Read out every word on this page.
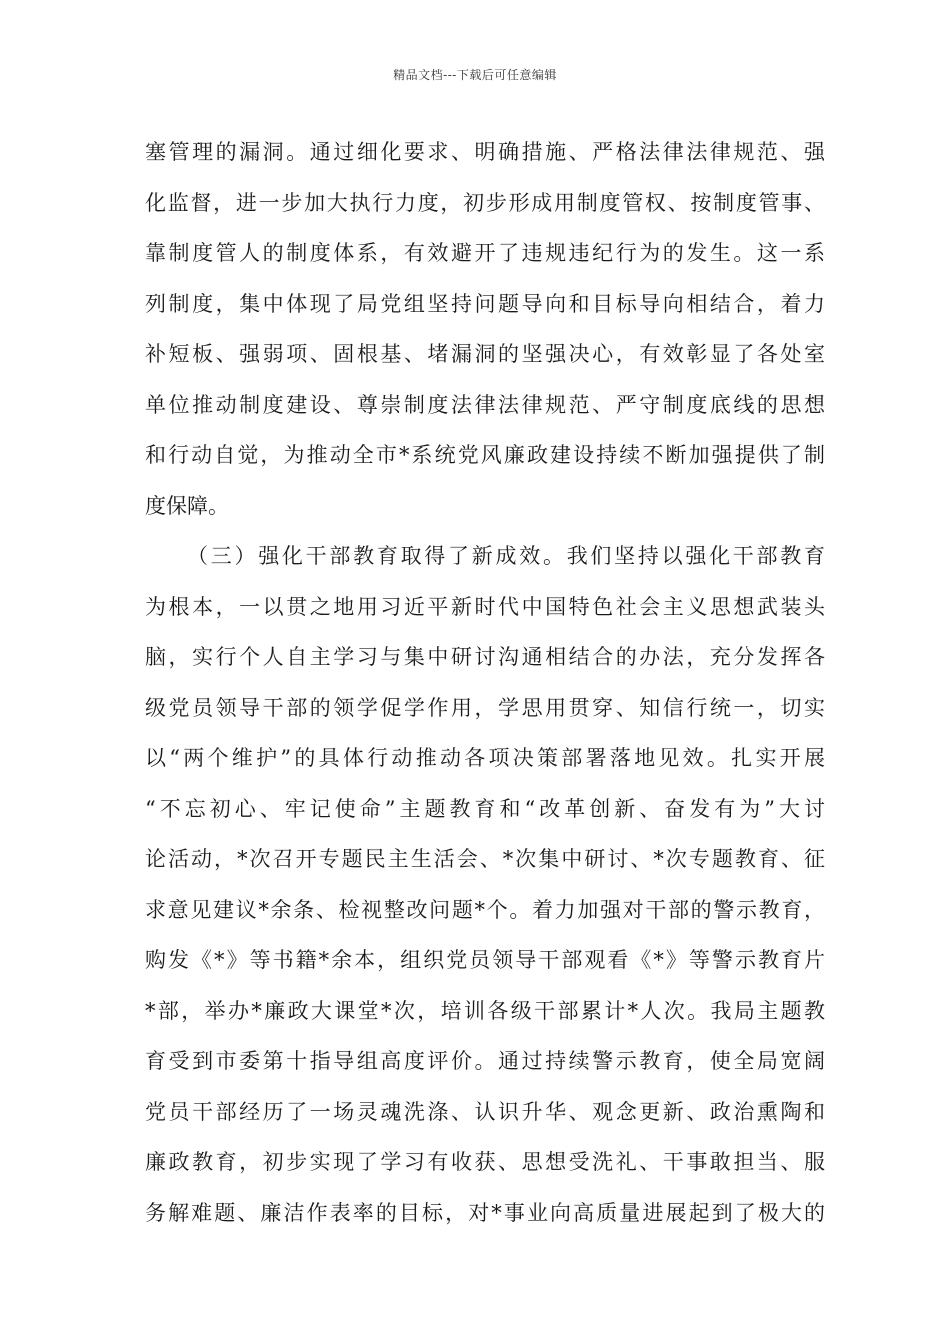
精品文档---下载后可任意编辑
塞管理的漏洞。通过细化要求、明确措施、严格法律法律规范、强
化监督，进一步加大执行力度，初步形成用制度管权、按制度管事、
靠制度管人的制度体系，有效避开了违规违纪行为的发生。这一系
列制度，集中体现了局党组坚持问题导向和目标导向相结合，着力
补短板、强弱项、固根基、堵漏洞的坚强决心，有效彰显了各处室
单位推动制度建设、尊崇制度法律法律规范、严守制度底线的思想
和行动自觉，为推动全市*系统党风廉政建设持续不断加强提供了制
度保障。
（三）强化干部教育取得了新成效。我们坚持以强化干部教育
为根本，一以贯之地用习近平新时代中国特色社会主义思想武装头
脑，实行个人自主学习与集中研讨沟通相结合的办法，充分发挥各
级党员领导干部的领学促学作用，学思用贯穿、知信行统一，切实
以“两个维护”的具体行动推动各项决策部署落地见效。扎实开展
“不忘初心、牢记使命”主题教育和“改革创新、奋发有为”大讨
论活动，*次召开专题民主生活会、*次集中研讨、*次专题教育、征
求意见建议*余条、检视整改问题*个。着力加强对干部的警示教育，
购发《*》等书籍*余本，组织党员领导干部观看《*》等警示教育片
*部，举办*廉政大课堂*次，培训各级干部累计*人次。我局主题教
育受到市委第十指导组高度评价。通过持续警示教育，使全局宽阔
党员干部经历了一场灵魂洗涤、认识升华、观念更新、政治熏陶和
廉政教育，初步实现了学习有收获、思想受洗礼、干事敢担当、服
务解难题、廉洁作表率的目标，对*事业向高质量进展起到了极大的
